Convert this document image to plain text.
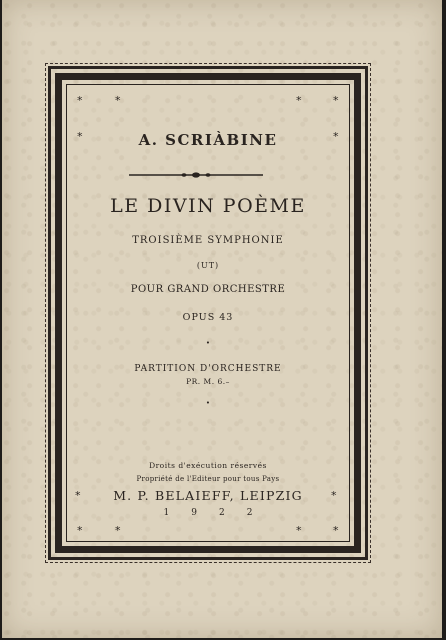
*	*	*	*
*	*
A. SCRIÀBINE
LE DIVIN POÈME
TROISIÈME SYMPHONIE
(UT)
POUR GRAND ORCHESTRE
OPUS 43
•
PARTITION D'ORCHESTRE
PR. M. 6.–
•
Droits d'exécution réservés
Propriété de l'Editeur pour tous Pays
*	M. P. BELAIEFF, LEIPZIG	*
1922
*	*	*	*
